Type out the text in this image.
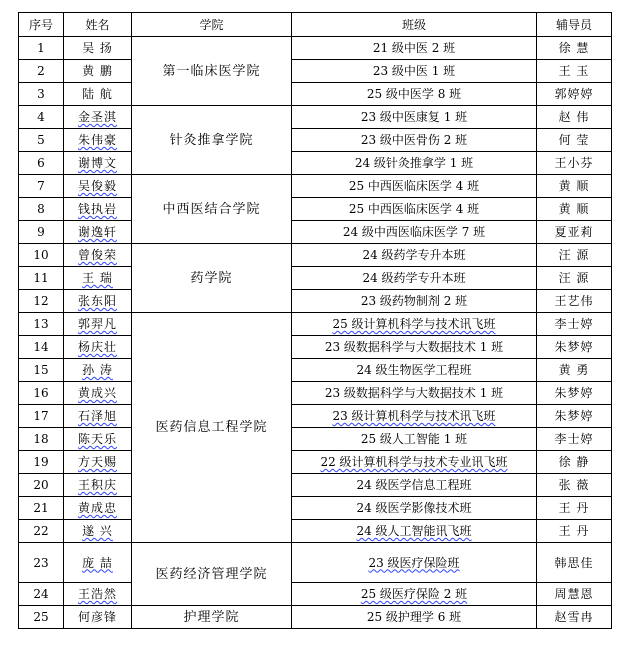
序号	姓名	学院	班级	辅导员
1	吴 扬	第一临床医学院	21 级中医 2 班	徐 慧
2	黄 鹏		23 级中医 1 班	王 玉
3	陆 航		25 级中医学 8 班	郭婷婷
4	金圣淇	针灸推拿学院	23 级中医康复 1 班	赵 伟
5	朱伟豪		23 级中医骨伤 2 班	何 莹
6	谢博文		24 级针灸推拿学 1 班	王小芬
7	吴俊毅	中西医结合学院	25 中西医临床医学 4 班	黄 顺
8	钱执岩		25 中西医临床医学 4 班	黄 顺
9	谢逸轩		24 级中西医临床医学 7 班	夏亚莉
10	曾俊荣	药学院	24 级药学专升本班	汪 源
11	王 瑞		24 级药学专升本班	汪 源
12	张东阳		23 级药物制剂 2 班	王艺伟
13	郭羿凡	医药信息工程学院	25 级计算机科学与技术讯飞班	李士婷
14	杨庆壮		23 级数据科学与大数据技术 1 班	朱梦婷
15	孙 涛		24 级生物医学工程班	黄 勇
16	黄成兴		23 级数据科学与大数据技术 1 班	朱梦婷
17	石泽旭		23 级计算机科学与技术讯飞班	朱梦婷
18	陈天乐		25 级人工智能 1 班	李士婷
19	方天赐		22 级计算机科学与技术专业讯飞班	徐 静
20	王积庆		24 级医学信息工程班	张 薇
21	黄成忠		24 级医学影像技术班	王 丹
22	遂 兴		24 级人工智能讯飞班	王 丹
23	庞 喆	医药经济管理学院	23 级医疗保险班	韩思佳
24	王浩然		25 级医疗保险 2 班	周慧恩
25	何彦锋	护理学院	25 级护理学 6 班	赵雪冉
